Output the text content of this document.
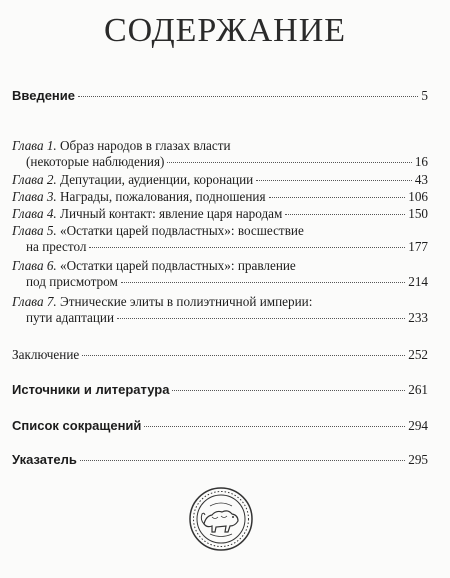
СОДЕРЖАНИЕ
Введение	5
Глава 1. Образ народов в глазах власти
(некоторые наблюдения)	16
Глава 2. Депутации, аудиенции, коронации	43
Глава 3. Награды, пожалования, подношения	106
Глава 4. Личный контакт: явление царя народам	150
Глава 5. «Остатки царей подвластных»: восшествие
на престол	177
Глава 6. «Остатки царей подвластных»: правление
под присмотром	214
Глава 7. Этнические элиты в полиэтничной империи:
пути адаптации	233
Заключение	252
Источники и литература	261
Список сокращений	294
Указатель	295
